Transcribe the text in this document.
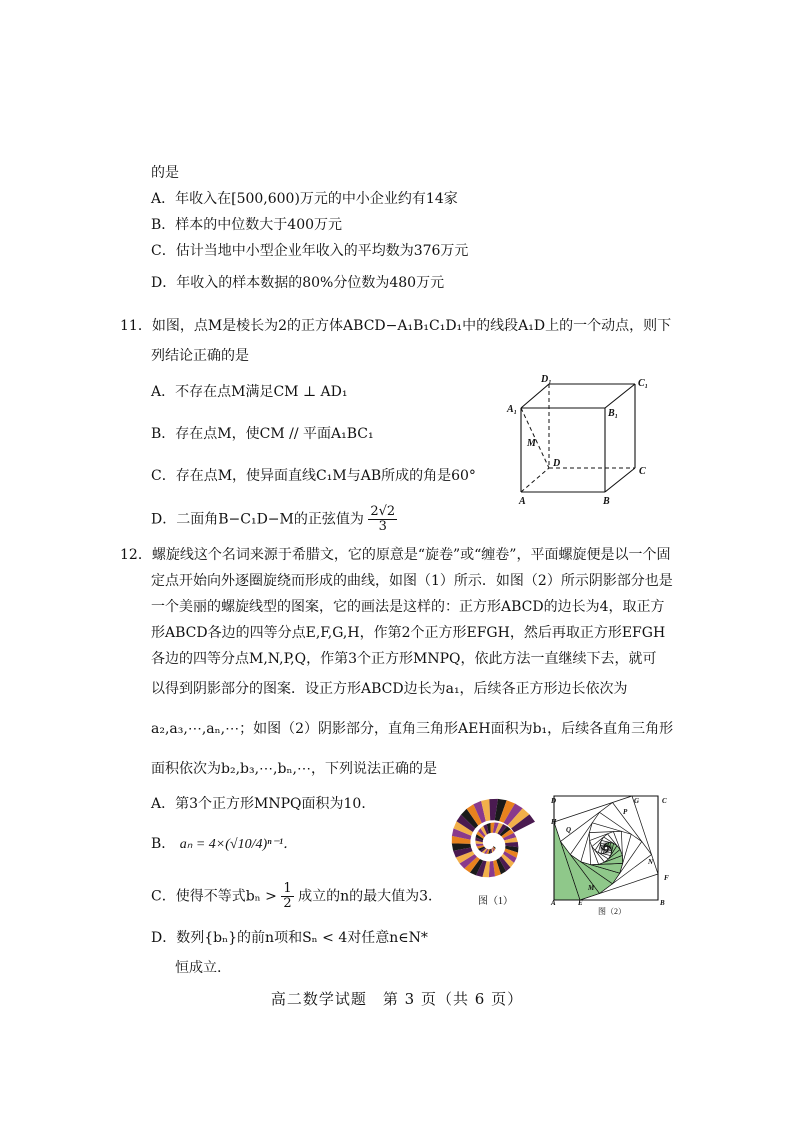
的是
A．年收入在[500,600)万元的中小企业约有14家
B．样本的中位数大于400万元
C．估计当地中小型企业年收入的平均数为376万元
D．年收入的样本数据的80%分位数为480万元
11．如图，点M是棱长为2的正方体ABCD−A₁B₁C₁D₁中的线段A₁D上的一个动点，则下
列结论正确的是
A．不存在点M满足CM ⊥ AD₁
B．存在点M，使CM // 平面A₁BC₁
C．存在点M，使异面直线C₁M与AB所成的角是60°
D．二面角B−C₁D−M的正弦值为 $\frac{2√2}{3}$
D₁	C₁
A₁	B₁
M
D
C
A	B
12．螺旋线这个名词来源于希腊文，它的原意是“旋卷”或“缠卷”，平面螺旋便是以一个固
定点开始向外逐圈旋绕而形成的曲线，如图（1）所示．如图（2）所示阴影部分也是
一个美丽的螺旋线型的图案，它的画法是这样的：正方形ABCD的边长为4，取正方
形ABCD各边的四等分点E,F,G,H，作第2个正方形EFGH，然后再取正方形EFGH
各边的四等分点M,N,P,Q，作第3个正方形MNPQ，依此方法一直继续下去，就可
以得到阴影部分的图案．设正方形ABCD边长为a₁，后续各正方形边长依次为
a₂,a₃,⋯,aₙ,⋯；如图（2）阴影部分，直角三角形AEH面积为b₁，后续各直角三角形
面积依次为b₂,b₃,⋯,bₙ,⋯，下列说法正确的是
A．第3个正方形MNPQ面积为10．
B． aₙ = 4×(√10/4)ⁿ⁻¹．
C．使得不等式$b_n > \frac{1}{2}$ 成立的n的最大值为3．
D．数列{bₙ}的前n项和Sₙ < 4对任意n∈N*
恒成立.
图（1）
D	G	C
H
Q
P
N
F
M
A	E	B
图（2）
高二数学试题　第 3 页（共 6 页）
